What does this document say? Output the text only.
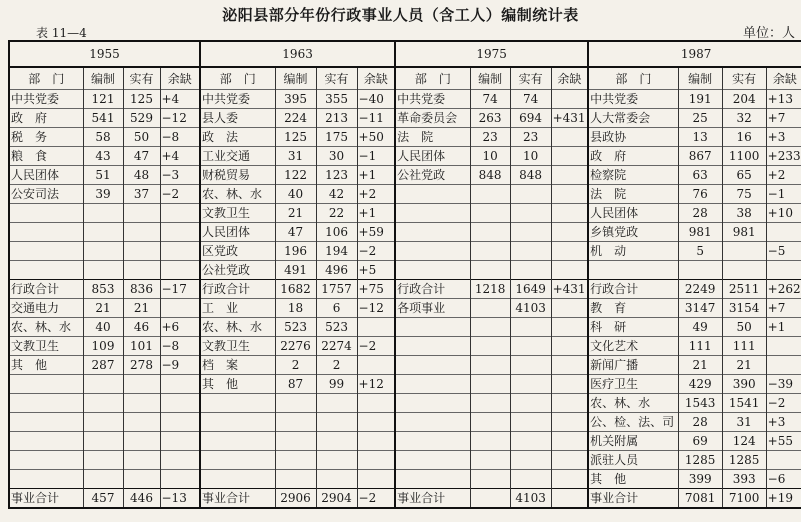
泌阳县部分年份行政事业人员（含工人）编制统计表
表 11—4	单位：人
1955				1963				1975				1987			
部　门	编制	实有	余缺	部　门	编制	实有	余缺	部　门	编制	实有	余缺	部　门	编制	实有	余缺
中共党委	121	125	+4	中共党委	395	355	−40	中共党委	74	74		中共党委	191	204	+13
政　府	541	529	−12	县人委	224	213	−11	革命委员会	263	694	+431	人大常委会	25	32	+7
税　务	58	50	−8	政　法	125	175	+50	法　院	23	23		县政协	13	16	+3
粮　食	43	47	+4	工业交通	31	30	−1	人民团体	10	10		政　府	867	1100	+233
人民团体	51	48	−3	财税贸易	122	123	+1	公社党政	848	848		检察院	63	65	+2
公安司法	39	37	−2	农、林、水	40	42	+2					法　院	76	75	−1
				文教卫生	21	22	+1					人民团体	28	38	+10
				人民团体	47	106	+59					乡镇党政	981	981	
				区党政	196	194	−2					机　动	5		−5
				公社党政	491	496	+5								
行政合计	853	836	−17	行政合计	1682	1757	+75	行政合计	1218	1649	+431	行政合计	2249	2511	+262
交通电力	21	21		工　业	18	6	−12	各项事业		4103		教　育	3147	3154	+7
农、林、水	40	46	+6	农、林、水	523	523						科　研	49	50	+1
文教卫生	109	101	−8	文教卫生	2276	2274	−2					文化艺术	111	111	
其　他	287	278	−9	档　案	2	2						新闻广播	21	21	
				其　他	87	99	+12					医疗卫生	429	390	−39
												农、林、水	1543	1541	−2
												公、检、法、司	28	31	+3
												机关附属	69	124	+55
												派驻人员	1285	1285	
												其　他	399	393	−6
事业合计	457	446	−13	事业合计	2906	2904	−2	事业合计		4103		事业合计	7081	7100	+19
